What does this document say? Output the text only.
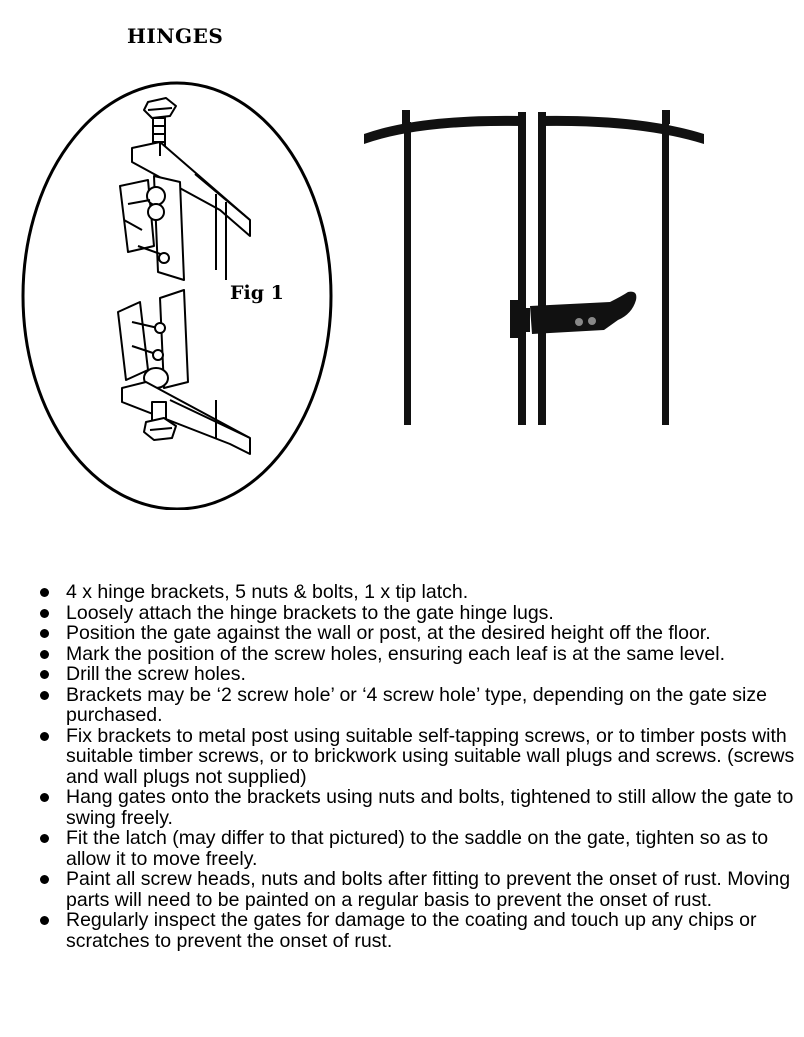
HINGES
Fig 1
4 x hinge brackets, 5 nuts & bolts, 1 x tip latch.
Loosely attach the hinge brackets to the gate hinge lugs.
Position the gate against the wall or post, at the desired height off the floor.
Mark the position of the screw holes, ensuring each leaf is at the same level.
Drill the screw holes.
Brackets may be ‘2 screw hole’ or ‘4 screw hole’ type, depending on the gate size purchased.
Fix brackets to metal post using suitable self-tapping screws, or to timber posts with suitable timber screws, or to brickwork using suitable wall plugs and screws. (screws and wall plugs not supplied)
Hang gates onto the brackets using nuts and bolts, tightened to still allow the gate to swing freely.
Fit the latch (may differ to that pictured) to the saddle on the gate, tighten so as to allow it to move freely.
Paint all screw heads, nuts and bolts after fitting to prevent the onset of rust. Moving parts will need to be painted on a regular basis to prevent the onset of rust.
Regularly inspect the gates for damage to the coating and touch up any chips or scratches to prevent the onset of rust.
